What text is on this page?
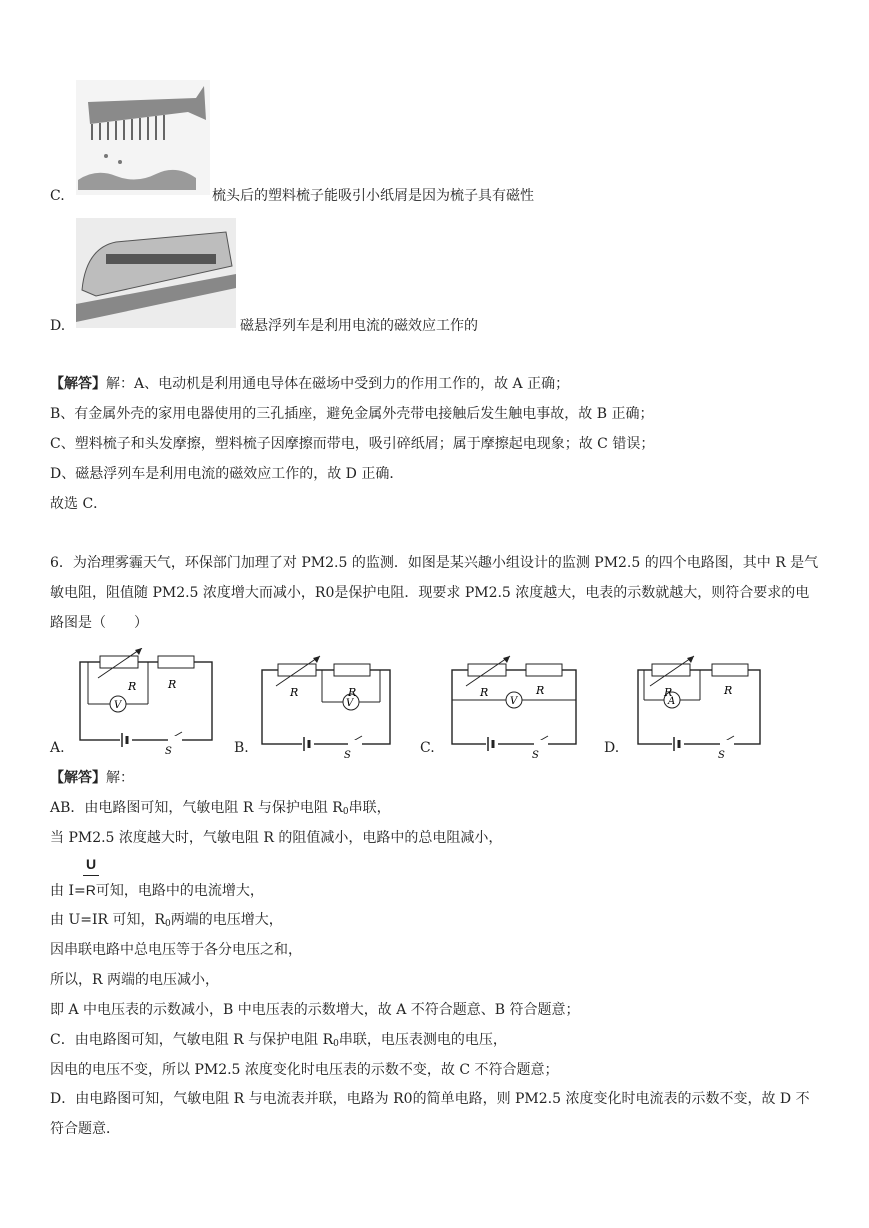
C.	梳头后的塑料梳子能吸引小纸屑是因为梳子具有磁性
D.	磁悬浮列车是利用电流的磁效应工作的
【解答】解：A、电动机是利用通电导体在磁场中受到力的作用工作的，故 A 正确；
B、有金属外壳的家用电器使用的三孔插座，避免金属外壳带电接触后发生触电事故，故 B 正确；
C、塑料梳子和头发摩擦，塑料梳子因摩擦而带电，吸引碎纸屑；属于摩擦起电现象；故 C 错误；
D、磁悬浮列车是利用电流的磁效应工作的，故 D 正确．
故选 C．
6．为治理雾霾天气，环保部门加理了对 PM2.5 的监测．如图是某兴趣小组设计的监测 PM2.5 的四个电路图，其中 R 是气敏电阻，阻值随 PM2.5 浓度增大而减小，R0是保护电阻．现要求 PM2.5 浓度越大，电表的示数就越大，则符合要求的电路图是（　　）
R	R
V
S
R	R
V
S
R	R
V
S
R	R
A
S
A.	B.	C.	D.
【解答】解：
AB．由电路图可知，气敏电阻 R 与保护电阻 $R_0$串联，
当 PM2.5 浓度越大时，气敏电阻 R 的阻值减小，电路中的总电阻减小，
U
由 I=R可知，电路中的电流增大，
由 U=IR 可知，$R_0$两端的电压增大，
因串联电路中总电压等于各分电压之和，
所以，R 两端的电压减小，
即 A 中电压表的示数减小，B 中电压表的示数增大，故 A 不符合题意、B 符合题意；
C．由电路图可知，气敏电阻 R 与保护电阻 $R_0$串联，电压表测电的电压，
因电的电压不变，所以 PM2.5 浓度变化时电压表的示数不变，故 C 不符合题意；
D．由电路图可知，气敏电阻 R 与电流表并联，电路为 R0的简单电路，则 PM2.5 浓度变化时电流表的示数不变，故 D 不符合题意．
